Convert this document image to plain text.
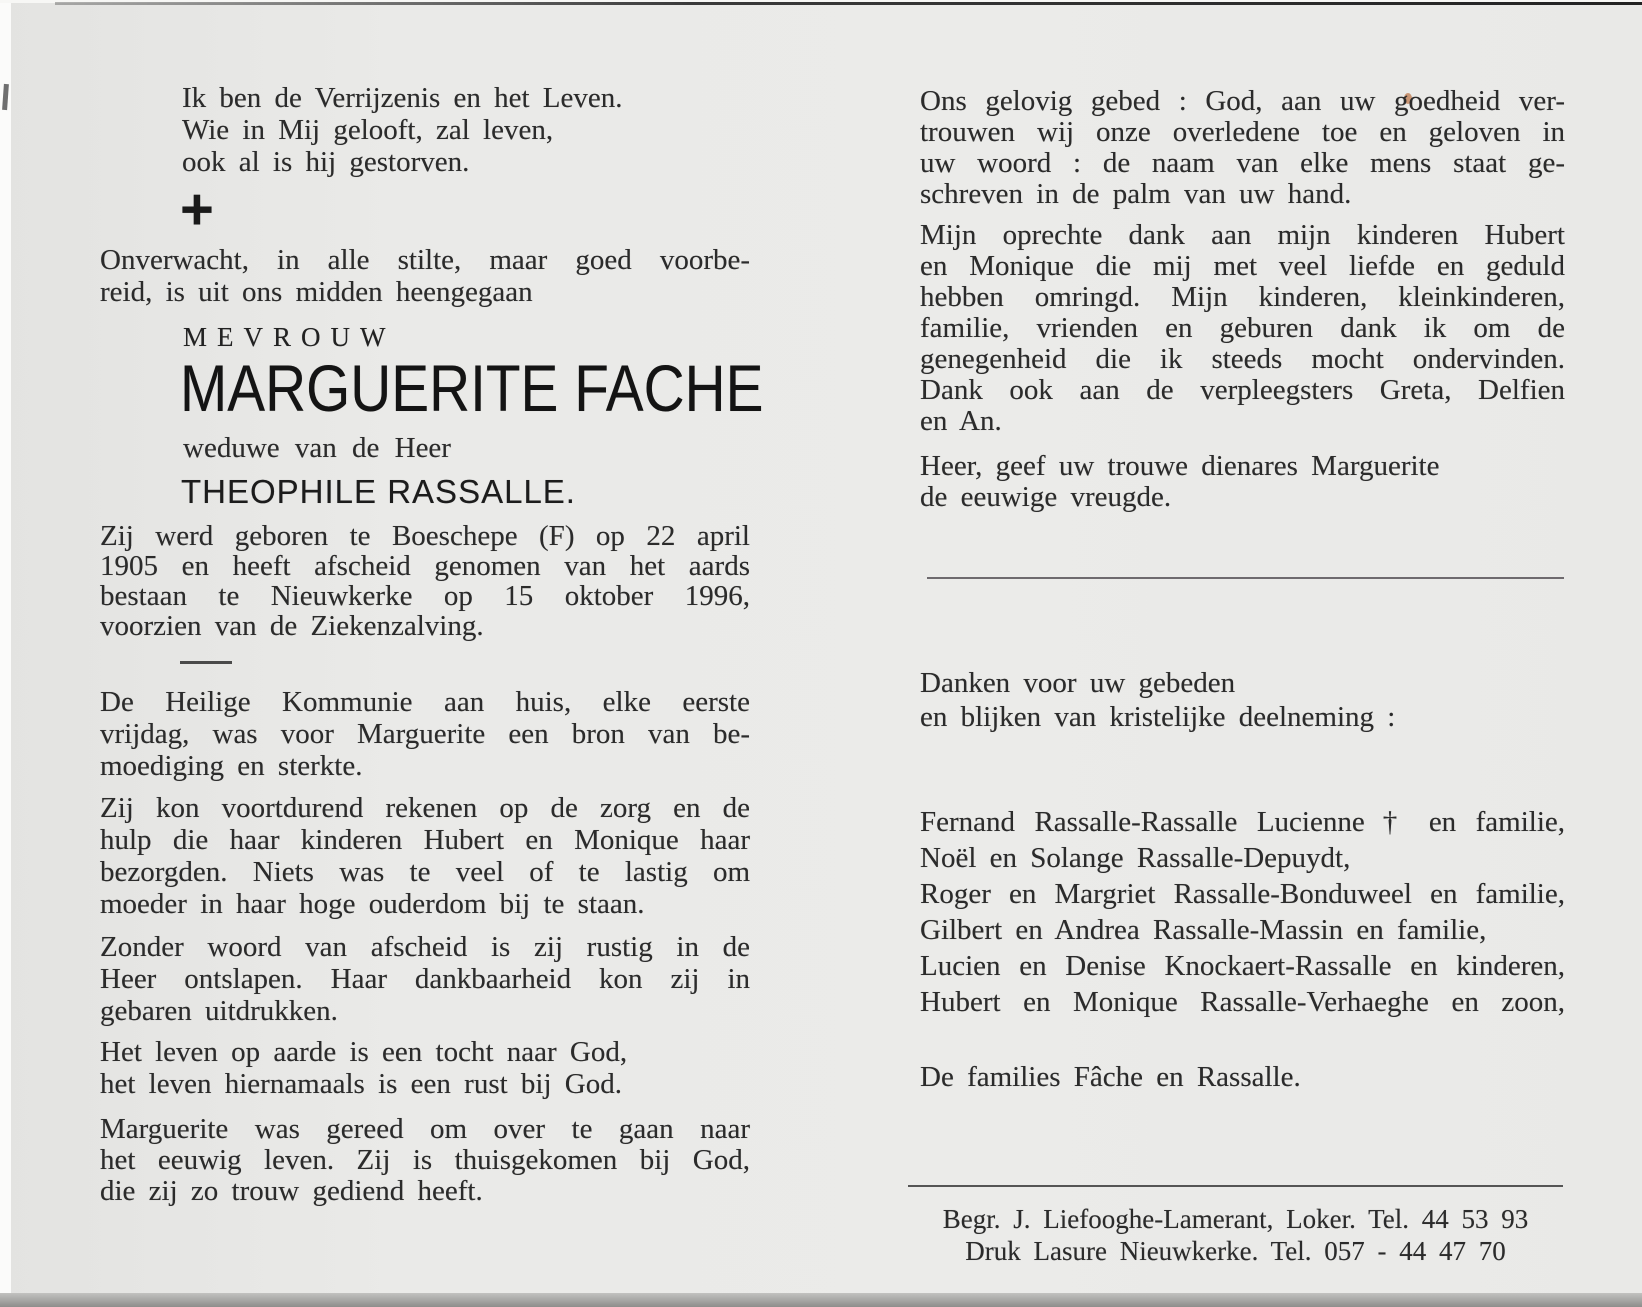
Ik ben de Verrijzenis en het Leven.
Wie in Mij gelooft, zal leven,
ook al is hij gestorven.
+
Onverwacht, in alle stilte, maar goed voorbe-
reid, is uit ons midden heengegaan
MEVROUW
MARGUERITE FACHE
weduwe van de Heer
THEOPHILE RASSALLE.
Zij werd geboren te Boeschepe (F) op 22 april
1905 en heeft afscheid genomen van het aards
bestaan te Nieuwkerke op 15 oktober 1996,
voorzien van de Ziekenzalving.
De Heilige Kommunie aan huis, elke eerste
vrijdag, was voor Marguerite een bron van be-
moediging en sterkte.
Zij kon voortdurend rekenen op de zorg en de
hulp die haar kinderen Hubert en Monique haar
bezorgden. Niets was te veel of te lastig om
moeder in haar hoge ouderdom bij te staan.
Zonder woord van afscheid is zij rustig in de
Heer ontslapen. Haar dankbaarheid kon zij in
gebaren uitdrukken.
Het leven op aarde is een tocht naar God,
het leven hiernamaals is een rust bij God.
Marguerite was gereed om over te gaan naar
het eeuwig leven. Zij is thuisgekomen bij God,
die zij zo trouw gediend heeft.
Ons gelovig gebed : God, aan uw goedheid ver-
trouwen wij onze overledene toe en geloven in
uw woord : de naam van elke mens staat ge-
schreven in de palm van uw hand.
Mijn oprechte dank aan mijn kinderen Hubert
en Monique die mij met veel liefde en geduld
hebben omringd. Mijn kinderen, kleinkinderen,
familie, vrienden en geburen dank ik om de
genegenheid die ik steeds mocht ondervinden.
Dank ook aan de verpleegsters Greta, Delfien
en An.
Heer, geef uw trouwe dienares Marguerite
de eeuwige vreugde.
Danken voor uw gebeden
en blijken van kristelijke deelneming :
Fernand Rassalle-Rassalle Lucienne † en familie,
Noël en Solange Rassalle-Depuydt,
Roger en Margriet Rassalle-Bonduweel en familie,
Gilbert en Andrea Rassalle-Massin en familie,
Lucien en Denise Knockaert-Rassalle en kinderen,
Hubert en Monique Rassalle-Verhaeghe en zoon,
De families Fâche en Rassalle.
Begr. J. Liefooghe-Lamerant, Loker. Tel. 44 53 93
Druk Lasure Nieuwkerke. Tel. 057 - 44 47 70
